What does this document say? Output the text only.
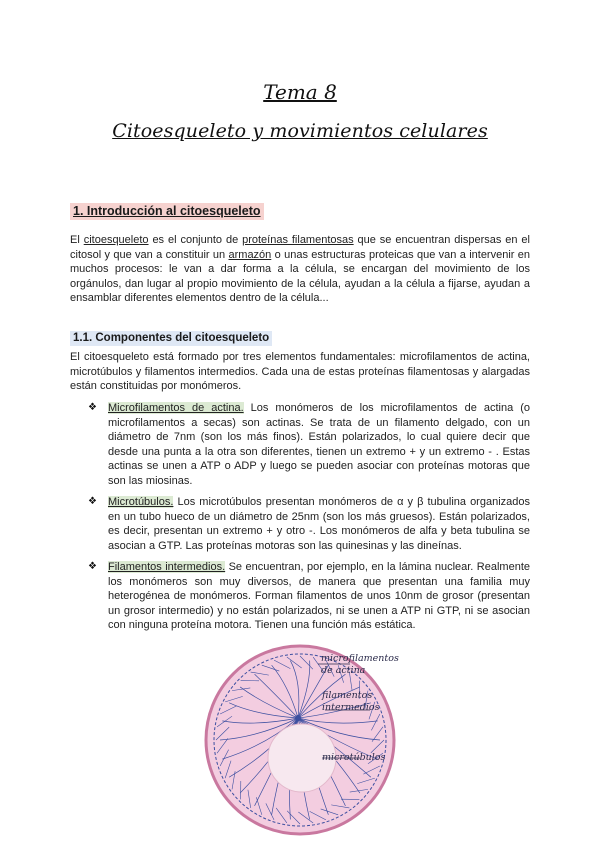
Tema 8
Citoesqueleto y movimientos celulares
1. Introducción al citoesqueleto
El citoesqueleto es el conjunto de proteínas filamentosas que se encuentran dispersas en el citosol y que van a constituir un armazón o unas estructuras proteicas que van a intervenir en muchos procesos: le van a dar forma a la célula, se encargan del movimiento de los orgánulos, dan lugar al propio movimiento de la célula, ayudan a la célula a fijarse, ayudan a ensamblar diferentes elementos dentro de la célula...
1.1. Componentes del citoesqueleto
El citoesqueleto está formado por tres elementos fundamentales: microfilamentos de actina, microtúbulos y filamentos intermedios. Cada una de estas proteínas filamentosas y alargadas están constituidas por monómeros.
❖ Microfilamentos de actina. Los monómeros de los microfilamentos de actina (o microfilamentos a secas) son actinas. Se trata de un filamento delgado, con un diámetro de 7nm (son los más finos). Están polarizados, lo cual quiere decir que desde una punta a la otra son diferentes, tienen un extremo + y un extremo - . Estas actinas se unen a ATP o ADP y luego se pueden asociar con proteínas motoras que son las miosinas.
❖ Microtúbulos. Los microtúbulos presentan monómeros de α y β tubulina organizados en un tubo hueco de un diámetro de 25nm (son los más gruesos). Están polarizados, es decir, presentan un extremo + y otro -. Los monómeros de alfa y beta tubulina se asocian a GTP. Las proteínas motoras son las quinesinas y las dineínas.
❖ Filamentos intermedios. Se encuentran, por ejemplo, en la lámina nuclear. Realmente los monómeros son muy diversos, de manera que presentan una familia muy heterogénea de monómeros. Forman filamentos de unos 10nm de grosor (presentan un grosor intermedio) y no están polarizados, ni se unen a ATP ni GTP, ni se asocian con ninguna proteína motora. Tienen una función más estática.
microfilamentos
de actina
filamentos
intermedios
microtúbulos
